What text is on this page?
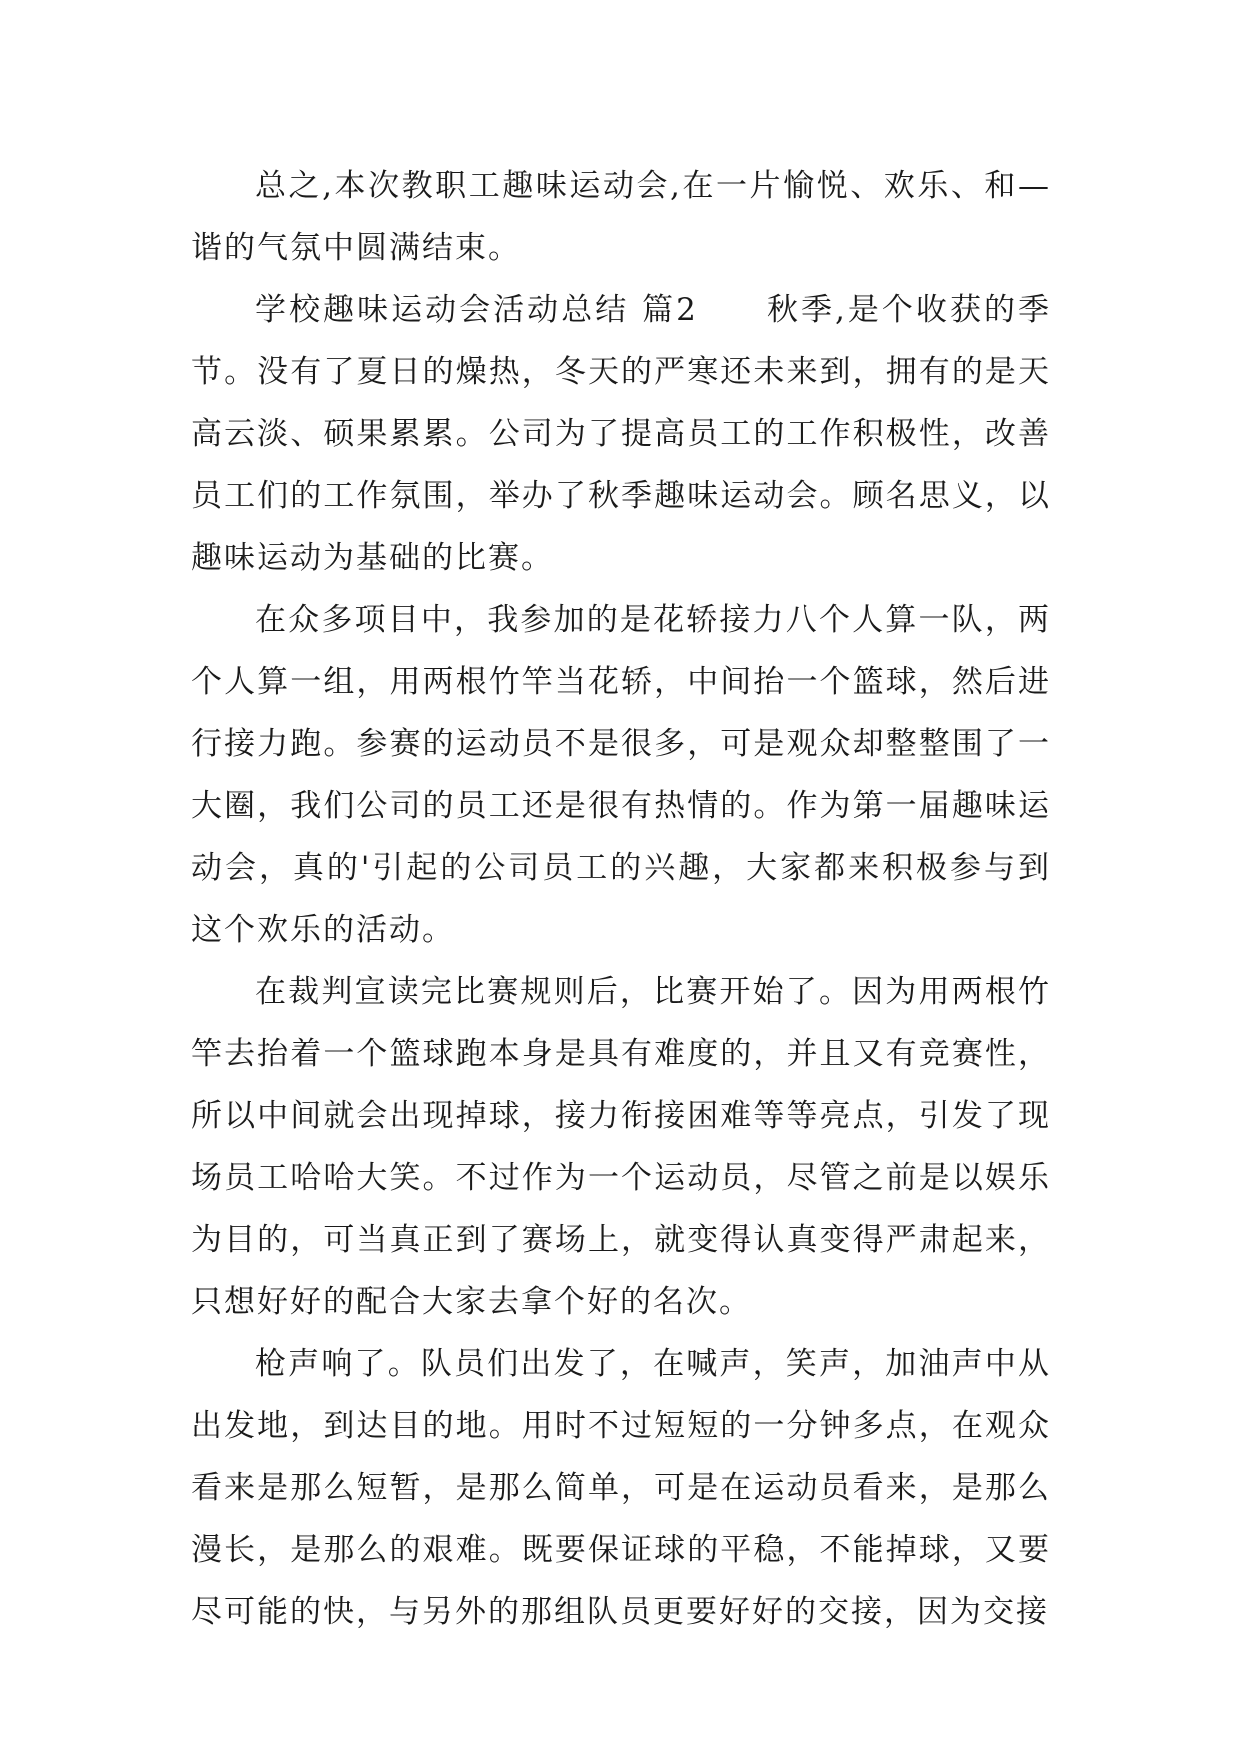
总之,本次教职工趣味运动会,在一片愉悦、欢乐、和—谐的气氛中圆满结束。

学校趣味运动会活动总结 篇2　　秋季,是个收获的季节。没有了夏日的燥热，冬天的严寒还未来到，拥有的是天高云淡、硕果累累。公司为了提高员工的工作积极性，改善员工们的工作氛围，举办了秋季趣味运动会。顾名思义，以趣味运动为基础的比赛。

在众多项目中，我参加的是花轿接力八个人算一队，两个人算一组，用两根竹竿当花轿，中间抬一个篮球，然后进行接力跑。参赛的运动员不是很多，可是观众却整整围了一大圈，我们公司的员工还是很有热情的。作为第一届趣味运动会，真的'引起的公司员工的兴趣，大家都来积极参与到这个欢乐的活动。

在裁判宣读完比赛规则后，比赛开始了。因为用两根竹竿去抬着一个篮球跑本身是具有难度的，并且又有竞赛性，所以中间就会出现掉球，接力衔接困难等等亮点，引发了现场员工哈哈大笑。不过作为一个运动员，尽管之前是以娱乐为目的，可当真正到了赛场上，就变得认真变得严肃起来，只想好好的配合大家去拿个好的名次。

枪声响了。队员们出发了，在喊声，笑声，加油声中从出发地，到达目的地。用时不过短短的一分钟多点，在观众看来是那么短暂，是那么简单，可是在运动员看来，是那么漫长，是那么的艰难。既要保证球的平稳，不能掉球，又要尽可能的快，与另外的那组队员更要好好的交接，因为交接
